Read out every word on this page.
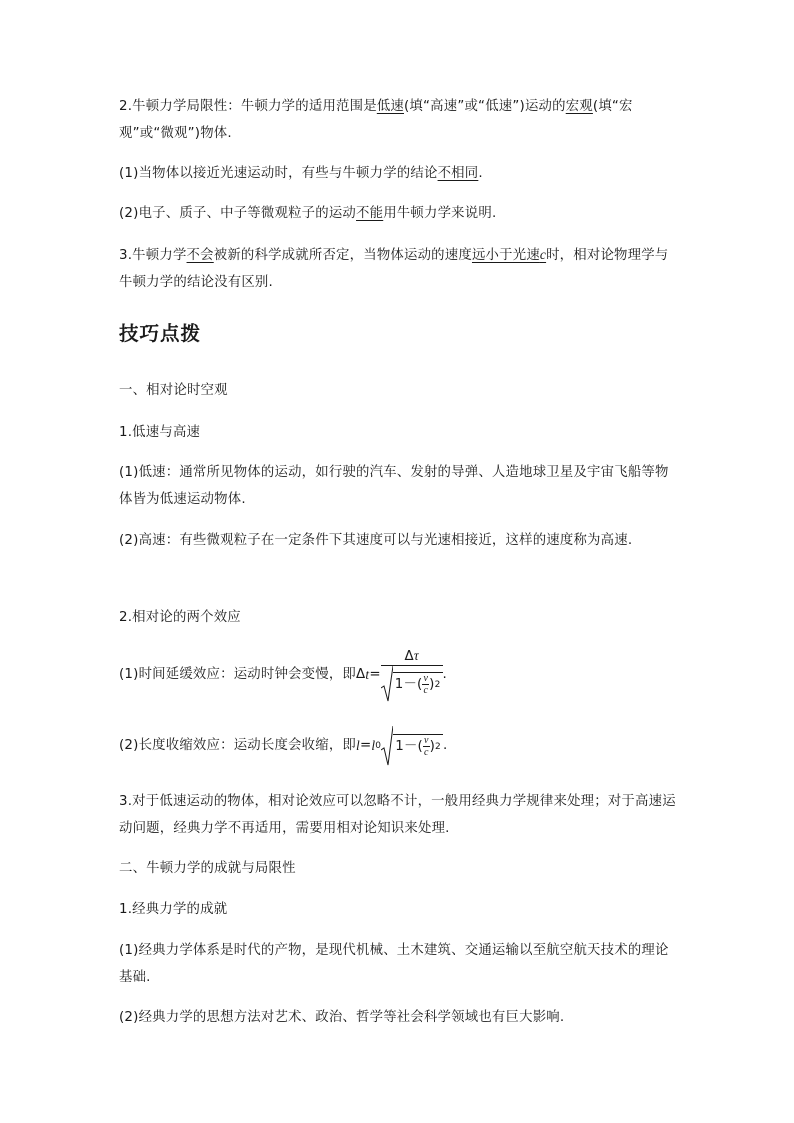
2.牛顿力学局限性：牛顿力学的适用范围是低速(填“高速”或“低速”)运动的宏观(填“宏观”或“微观”)物体.
(1)当物体以接近光速运动时，有些与牛顿力学的结论不相同.
(2)电子、质子、中子等微观粒子的运动不能用牛顿力学来说明.
3.牛顿力学不会被新的科学成就所否定，当物体运动的速度远小于光速c时，相对论物理学与牛顿力学的结论没有区别.
技巧点拨
一、相对论时空观
1.低速与高速
(1)低速：通常所见物体的运动，如行驶的汽车、发射的导弹、人造地球卫星及宇宙飞船等物体皆为低速运动物体.
(2)高速：有些微观粒子在一定条件下其速度可以与光速相接近，这样的速度称为高速.
2.相对论的两个效应
(1)时间延缓效应：运动时钟会变慢，即 Δ t = Δτ
1－( v
c ) 2 .
(2)长度收缩效应：运动长度会收缩，即 l = l 0 1－( v
c ) 2 .
3.对于低速运动的物体，相对论效应可以忽略不计，一般用经典力学规律来处理；对于高速运动问题，经典力学不再适用，需要用相对论知识来处理.
二、牛顿力学的成就与局限性
1.经典力学的成就
(1)经典力学体系是时代的产物，是现代机械、土木建筑、交通运输以至航空航天技术的理论基础.
(2)经典力学的思想方法对艺术、政治、哲学等社会科学领域也有巨大影响.
